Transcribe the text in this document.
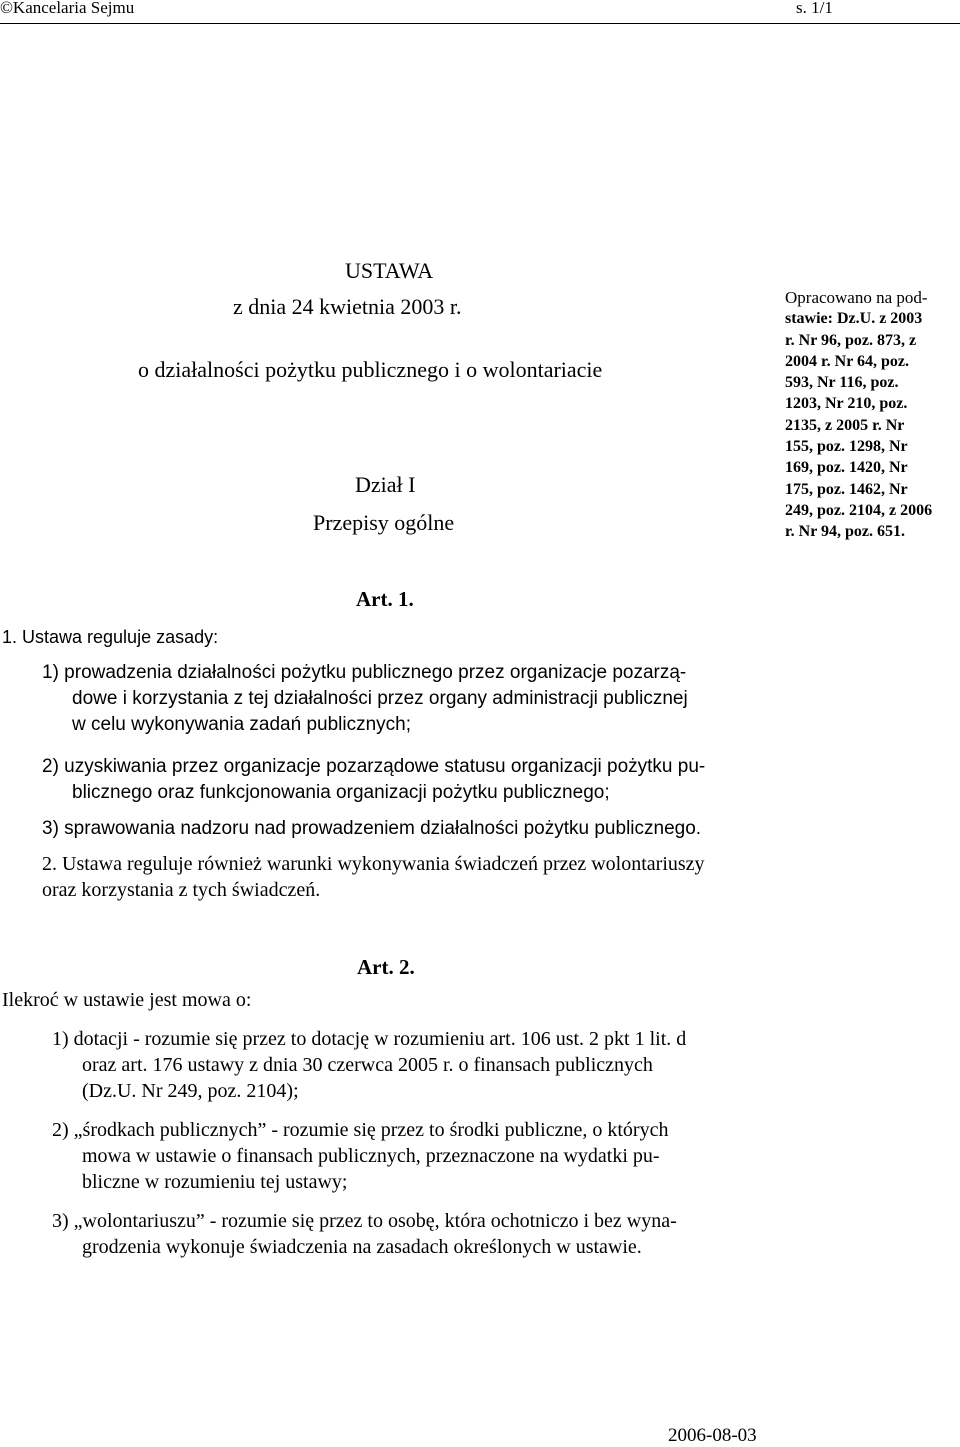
©Kancelaria Sejmu	s. 1/1
USTAWA
z dnia 24 kwietnia 2003 r.
o działalności pożytku publicznego i o wolontariacie
Dział I
Przepisy ogólne
Opracowano na pod-
stawie: Dz.U. z 2003
r. Nr 96, poz. 873, z
2004 r. Nr 64, poz.
593, Nr 116, poz.
1203, Nr 210, poz.
2135, z 2005 r. Nr
155, poz. 1298, Nr
169, poz. 1420, Nr
175, poz. 1462, Nr
249, poz. 2104, z 2006
r. Nr 94, poz. 651.
Art. 1.
1. Ustawa reguluje zasady:
1) prowadzenia działalności pożytku publicznego przez organizacje pozarzą-
dowe i korzystania z tej działalności przez organy administracji publicznej
w celu wykonywania zadań publicznych;
2) uzyskiwania przez organizacje pozarządowe statusu organizacji pożytku pu-
blicznego oraz funkcjonowania organizacji pożytku publicznego;
3) sprawowania nadzoru nad prowadzeniem działalności pożytku publicznego.
2. Ustawa reguluje również warunki wykonywania świadczeń przez wolontariuszy
oraz korzystania z tych świadczeń.
Art. 2.
Ilekroć w ustawie jest mowa o:
1) dotacji - rozumie się przez to dotację w rozumieniu art. 106 ust. 2 pkt 1 lit. d
oraz art. 176 ustawy z dnia 30 czerwca 2005 r. o finansach publicznych
(Dz.U. Nr 249, poz. 2104);
2) „środkach publicznych” - rozumie się przez to środki publiczne, o których
mowa w ustawie o finansach publicznych, przeznaczone na wydatki pu-
bliczne w rozumieniu tej ustawy;
3) „wolontariuszu” - rozumie się przez to osobę, która ochotniczo i bez wyna-
grodzenia wykonuje świadczenia na zasadach określonych w ustawie.
2006-08-03
